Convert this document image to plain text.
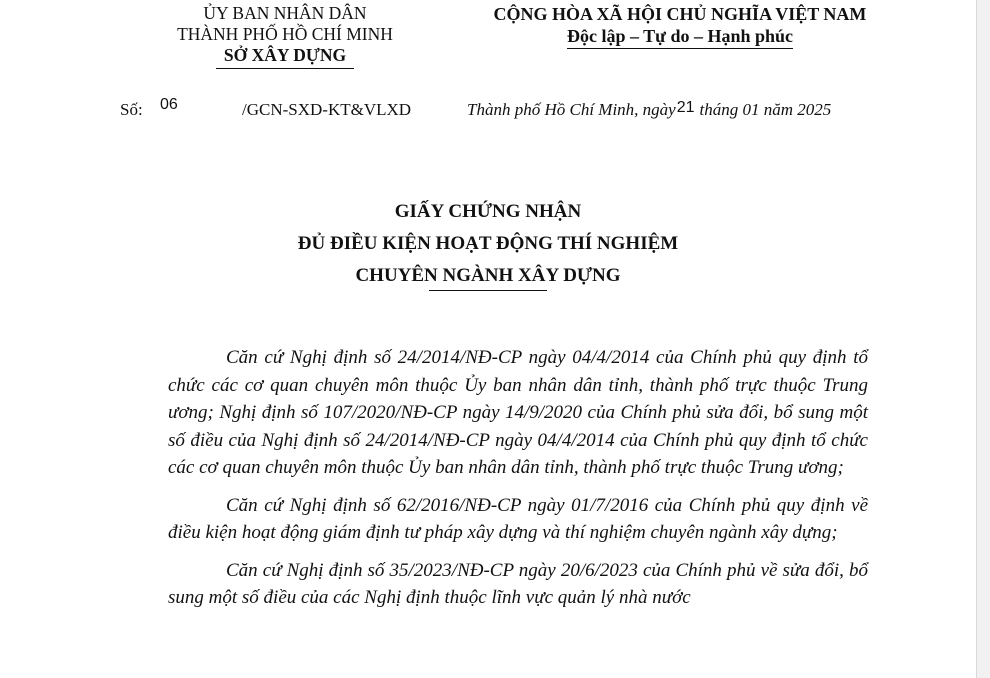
ỦY BAN NHÂN DÂN
THÀNH PHỐ HỒ CHÍ MINH
SỞ XÂY DỰNG
CỘNG HÒA XÃ HỘI CHỦ NGHĨA VIỆT NAM
Độc lập – Tự do – Hạnh phúc
Số: 06	/GCN-SXD-KT&VLXD	Thành phố Hồ Chí Minh, ngày21 tháng 01 năm 2025
GIẤY CHỨNG NHẬN
ĐỦ ĐIỀU KIỆN HOẠT ĐỘNG THÍ NGHIỆM
CHUYÊN NGÀNH XÂY DỰNG

Căn cứ Nghị định số 24/2014/NĐ-CP ngày 04/4/2014 của Chính phủ quy định tổ chức các cơ quan chuyên môn thuộc Ủy ban nhân dân tỉnh, thành phố trực thuộc Trung ương; Nghị định số 107/2020/NĐ-CP ngày 14/9/2020 của Chính phủ sửa đổi, bổ sung một số điều của Nghị định số 24/2014/NĐ-CP ngày 04/4/2014 của Chính phủ quy định tổ chức các cơ quan chuyên môn thuộc Ủy ban nhân dân tỉnh, thành phố trực thuộc Trung ương;

Căn cứ Nghị định số 62/2016/NĐ-CP ngày 01/7/2016 của Chính phủ quy định về điều kiện hoạt động giám định tư pháp xây dựng và thí nghiệm chuyên ngành xây dựng;

Căn cứ Nghị định số 35/2023/NĐ-CP ngày 20/6/2023 của Chính phủ về sửa đổi, bổ sung một số điều của các Nghị định thuộc lĩnh vực quản lý nhà nước
